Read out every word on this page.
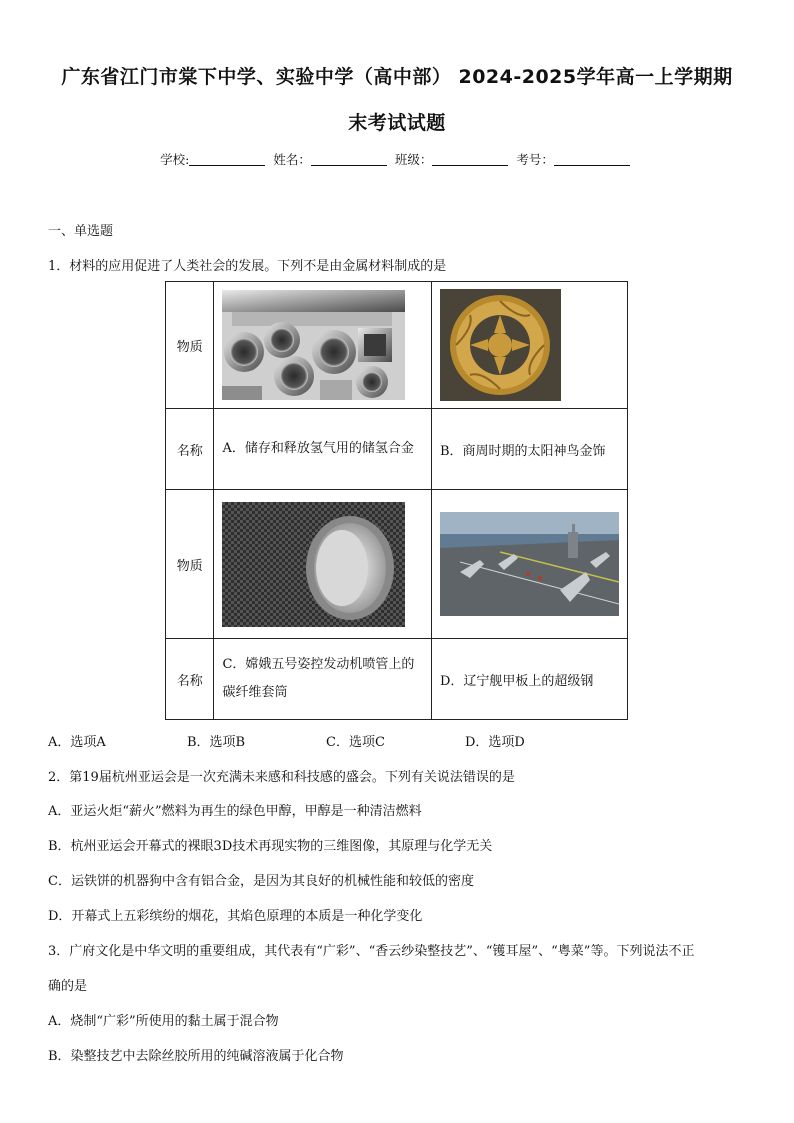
广东省江门市棠下中学、实验中学（高中部） 2024-2025学年高一上学期期
末考试试题
学校:	姓名：	班级：	考号：
一、单选题
1．材料的应用促进了人类社会的发展。下列不是由金属材料制成的是
物质	

名称	A．储存和释放氢气用的储氢合金	B．商周时期的太阳神鸟金饰
物质	

名称	C．嫦娥五号姿控发动机喷管上的碳纤维套筒	D．辽宁舰甲板上的超级钢
A．选项A	B．选项B	C．选项C	D．选项D
2．第19届杭州亚运会是一次充满未来感和科技感的盛会。下列有关说法错误的是
A．亚运火炬“薪火”燃料为再生的绿色甲醇，甲醇是一种清洁燃料
B．杭州亚运会开幕式的裸眼3D技术再现实物的三维图像，其原理与化学无关
C．运铁饼的机器狗中含有铝合金，是因为其良好的机械性能和较低的密度
D．开幕式上五彩缤纷的烟花，其焰色原理的本质是一种化学变化
3．广府文化是中华文明的重要组成，其代表有“广彩”、“香云纱染整技艺”、“镬耳屋”、“粤菜”等。下列说法不正
确的是
A．烧制“广彩”所使用的黏土属于混合物
B．染整技艺中去除丝胶所用的纯碱溶液属于化合物
